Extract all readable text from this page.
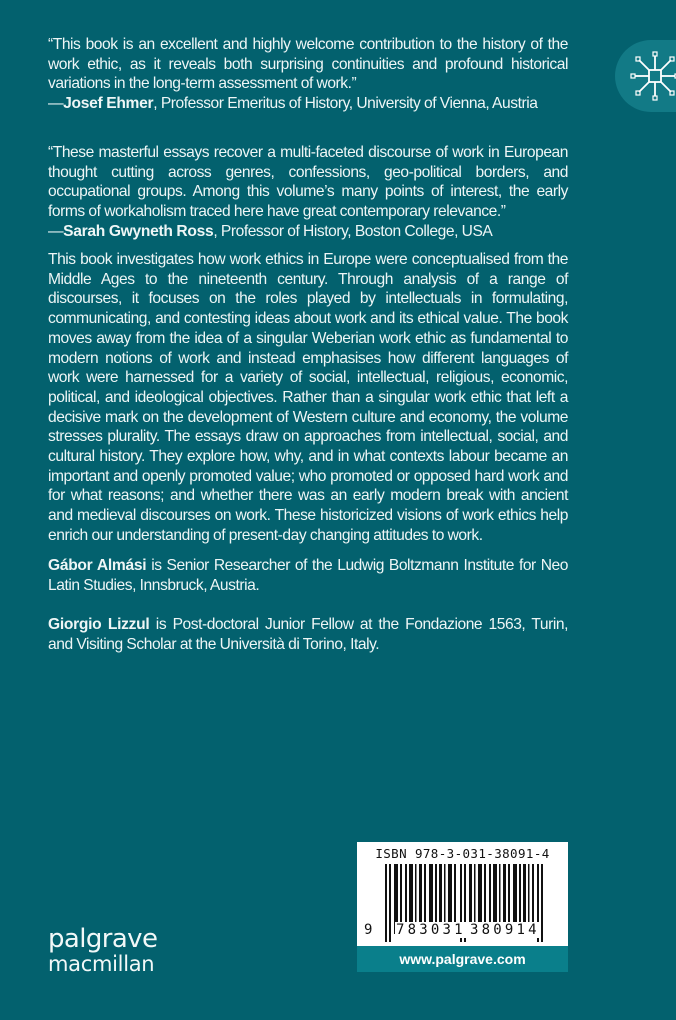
“This book is an excellent and highly welcome contribution to the history of the work ethic, as it reveals both surprising continuities and profound historical variations in the long-term assessment of work.”

—Josef Ehmer, Professor Emeritus of History, University of Vienna, Austria

“These masterful essays recover a multi-faceted discourse of work in European thought cutting across genres, confessions, geo-political borders, and occupational groups. Among this volume’s many points of interest, the early forms of workaholism traced here have great contemporary relevance.”

—Sarah Gwyneth Ross, Professor of History, Boston College, USA

This book investigates how work ethics in Europe were conceptualised from the Middle Ages to the nineteenth century. Through analysis of a range of discourses, it focuses on the roles played by intellectuals in formulating, communicating, and contesting ideas about work and its ethical value. The book moves away from the idea of a singular Weberian work ethic as fundamental to modern notions of work and instead emphasises how different languages of work were harnessed for a variety of social, intellectual, religious, economic, political, and ideological objectives. Rather than a singular work ethic that left a decisive mark on the development of Western culture and economy, the volume stresses plurality. The essays draw on approaches from intellectual, social, and cultural history. They explore how, why, and in what contexts labour became an important and openly promoted value; who promoted or opposed hard work and for what reasons; and whether there was an early modern break with ancient and medieval discourses on work. These historicized visions of work ethics help enrich our understanding of present-day changing attitudes to work.

Gábor Almási is Senior Researcher of the Ludwig Boltzmann Institute for Neo Latin Studies, Innsbruck, Austria.

Giorgio Lizzul is Post-doctoral Junior Fellow at the Fondazione 1563, Turin, and Visiting Scholar at the Università di Torino, Italy.

ISBN 978-3-031-38091-4
9 783031 380914
www.palgrave.com
palgrave
macmillan
